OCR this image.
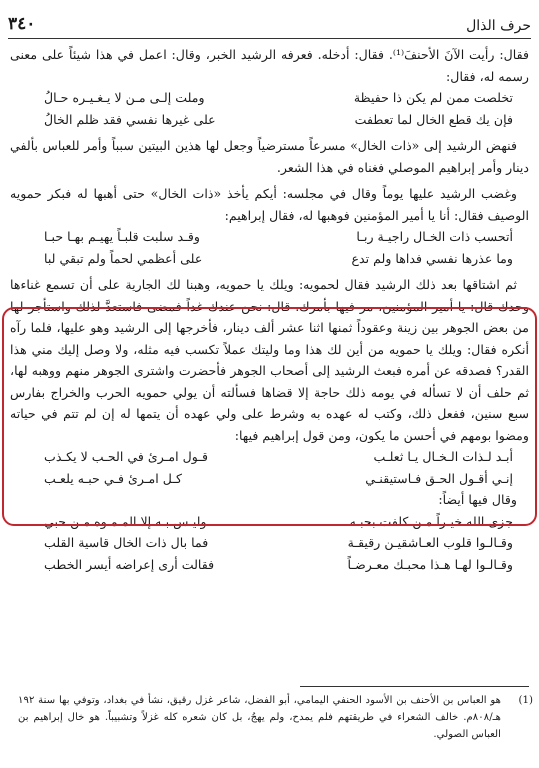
حرف الذال
٣٤٠

فقال: رأيت الآنَ الأحنفَ⁽¹⁾. فقال: أدخله. فعرفه الرشيد الخبر، وقال: اعمل في هذا شيئاً على معنى رسمه له، فقال:

تخلصت ممن لم يكن ذا حفيظة
وملت إلـى مـن لا يـغـيـره حـالُ
فإن يك قطع الخال لما تعطفت
على غيرها نفسي فقد ظلم الخالُ

فنهض الرشيد إلى «ذات الخال» مسرعاً مسترضياً وجعل لها هذين البيتين سبباً وأمر للعباس بألفي دينار وأمر إبراهيم الموصلي فغناه في هذا الشعر.

وغضب الرشيد عليها يوماً وقال في مجلسه: أيكم يأخذ «ذات الخال» حتى أهبها له فبكر حمويه الوصيف فقال: أنا يا أمير المؤمنين فوهبها له، فقال إبراهيم:

أتحسب ذات الخـال راجيـة ربـا
وقـد سلبت قلبـاً يهيـم بهـا حبـا
وما عذرها نفسي فداها ولم تدع
على أعظمي لحماً ولم تبقي لبا

ثم اشتاقها بعد ذلك الرشيد فقال لحمويه: ويلك يا حمويه، وهبنا لك الجارية على أن تسمع غناءها وحدك قال: يا أمير المؤمنين، مر فيها بأمرك. قال: نحن عندك غداً فمضى فاستعدَّ لذلك واستأجر لها من بعض الجوهر بين زينة وعقوداً ثمنها اثنا عشر ألف دينار، فأخرجها إلى الرشيد وهو عليها، فلما رآه أنكره فقال: ويلك يا حمويه من أين لك هذا وما وليتك عملاً تكسب فيه مثله، ولا وصل إليك مني هذا القدر؟ فصدقه عن أمره فبعث الرشيد إلى أصحاب الجوهر فأحضرت واشترى الجوهر منهم ووهبه لها، ثم حلف أن لا تسأله في يومه ذلك حاجة إلا قضاها فسألته أن يولي حمويه الحرب والخراج بفارس سبع سنين، ففعل ذلك، وكتب له عهده به وشرط على ولي عهده أن يتمها له إن لم تتم في حياته ومضوا بومهم في أحسن ما يكون، ومن قول إبراهيم فيها:

أبـد لـذات الـخـال يـا ثعلـب
قـول امـرئ في الحـب لا يكـذب
إنـي أقـول الحـق فـاستيقنـي
كـل امـرئ فـي حبـه يلعـب

وقال فيها أيضاً:

جزى الله خيـراً مـن كلفت بحبـه
وليـس بـه إلا المـمـوه مـن حبي
وقـالـوا قلوب العـاشقيـن رقيقـة
فما بال ذات الخال قاسية القلب
وقـالـوا لهـا هـذا محبـك معـرضـاً
فقالت أرى إعراضه أيسر الخطب
(1)
هو العباس بن الأحنف بن الأسود الحنفي اليمامي، أبو الفضل، شاعر غزل رقيق، نشأ في بغداد، وتوفي بها سنة ١٩٢ هـ/٨٠٨م. خالف الشعراء في طريقتهم فلم يمدح، ولم يهجُ، بل كان شعره كله غزلاً وتشبيباً. هو خال إبراهيم بن العباس الصولي.
